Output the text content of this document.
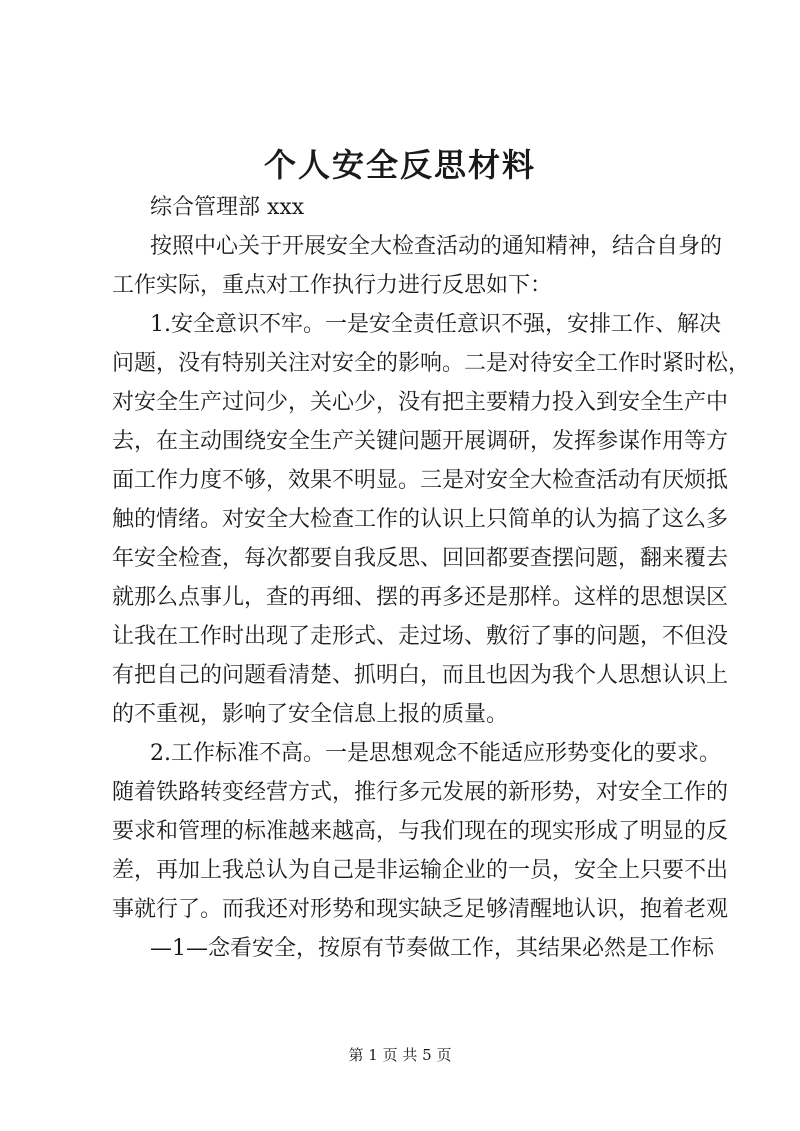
个人安全反思材料

综合管理部 xxx

按照中心关于开展安全大检查活动的通知精神，结合自身的

工作实际，重点对工作执行力进行反思如下：

1.安全意识不牢。一是安全责任意识不强，安排工作、解决

问题，没有特别关注对安全的影响。二是对待安全工作时紧时松，

对安全生产过问少，关心少，没有把主要精力投入到安全生产中

去，在主动围绕安全生产关键问题开展调研，发挥参谋作用等方

面工作力度不够，效果不明显。三是对安全大检查活动有厌烦抵

触的情绪。对安全大检查工作的认识上只简单的认为搞了这么多

年安全检查，每次都要自我反思、回回都要查摆问题，翻来覆去

就那么点事儿，查的再细、摆的再多还是那样。这样的思想误区

让我在工作时出现了走形式、走过场、敷衍了事的问题，不但没

有把自己的问题看清楚、抓明白，而且也因为我个人思想认识上

的不重视，影响了安全信息上报的质量。

2.工作标准不高。一是思想观念不能适应形势变化的要求。

随着铁路转变经营方式，推行多元发展的新形势，对安全工作的

要求和管理的标准越来越高，与我们现在的现实形成了明显的反

差，再加上我总认为自己是非运输企业的一员，安全上只要不出

事就行了。而我还对形势和现实缺乏足够清醒地认识，抱着老观

—1—念看安全，按原有节奏做工作，其结果必然是工作标

第 1 页 共 5 页
